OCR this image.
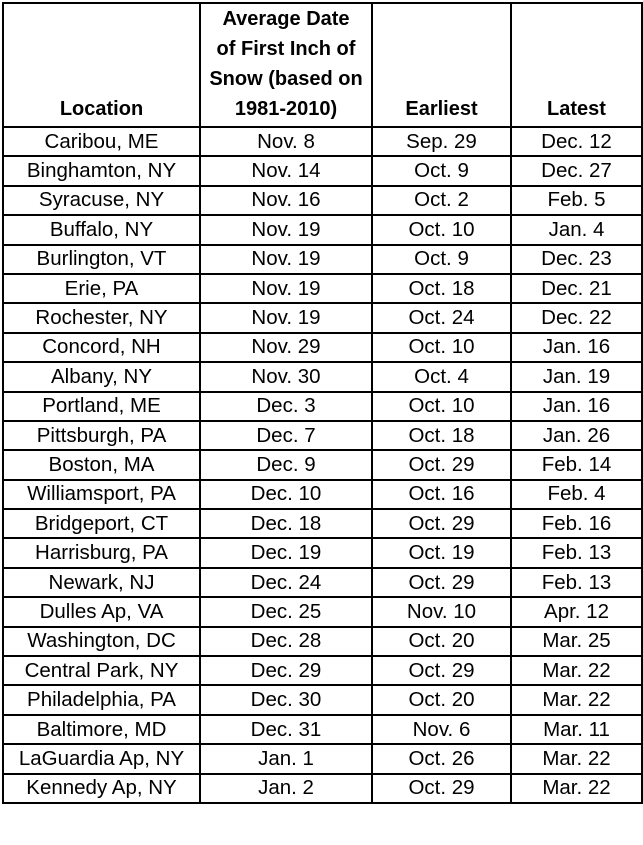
Location	Average Date
of First Inch of
Snow (based on
1981-2010)	Earliest	Latest
Caribou, ME	Nov. 8	Sep. 29	Dec. 12
Binghamton, NY	Nov. 14	Oct. 9	Dec. 27
Syracuse, NY	Nov. 16	Oct. 2	Feb. 5
Buffalo, NY	Nov. 19	Oct. 10	Jan. 4
Burlington, VT	Nov. 19	Oct. 9	Dec. 23
Erie, PA	Nov. 19	Oct. 18	Dec. 21
Rochester, NY	Nov. 19	Oct. 24	Dec. 22
Concord, NH	Nov. 29	Oct. 10	Jan. 16
Albany, NY	Nov. 30	Oct. 4	Jan. 19
Portland, ME	Dec. 3	Oct. 10	Jan. 16
Pittsburgh, PA	Dec. 7	Oct. 18	Jan. 26
Boston, MA	Dec. 9	Oct. 29	Feb. 14
Williamsport, PA	Dec. 10	Oct. 16	Feb. 4
Bridgeport, CT	Dec. 18	Oct. 29	Feb. 16
Harrisburg, PA	Dec. 19	Oct. 19	Feb. 13
Newark, NJ	Dec. 24	Oct. 29	Feb. 13
Dulles Ap, VA	Dec. 25	Nov. 10	Apr. 12
Washington, DC	Dec. 28	Oct. 20	Mar. 25
Central Park, NY	Dec. 29	Oct. 29	Mar. 22
Philadelphia, PA	Dec. 30	Oct. 20	Mar. 22
Baltimore, MD	Dec. 31	Nov. 6	Mar. 11
LaGuardia Ap, NY	Jan. 1	Oct. 26	Mar. 22
Kennedy Ap, NY	Jan. 2	Oct. 29	Mar. 22
